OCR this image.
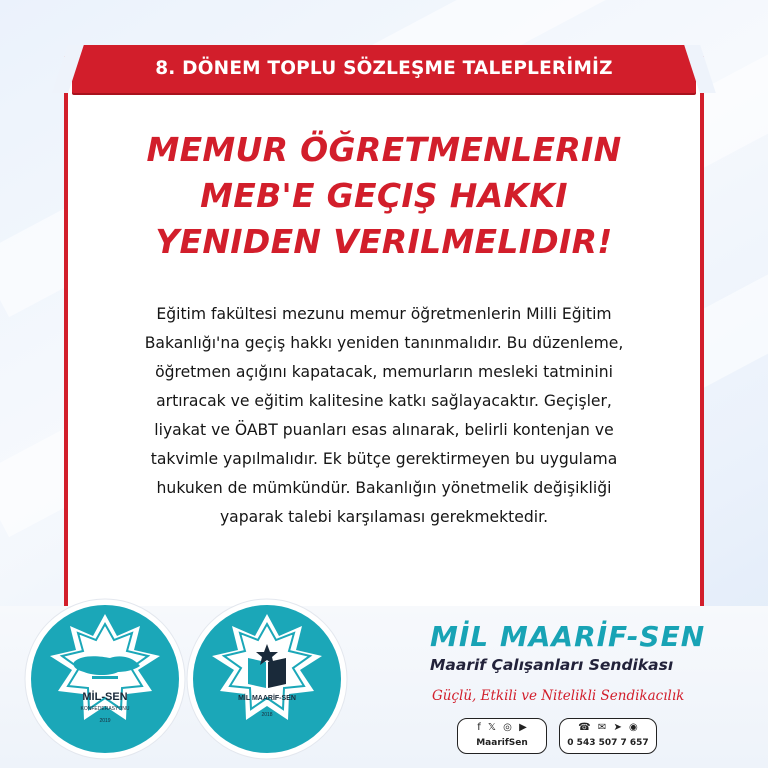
8. DÖNEM TOPLU SÖZLEŞME TALEPLERİMİZ
MEMUR ÖĞRETMENLERIN
MEB'E GEÇIŞ HAKKI
YENIDEN VERILMELIDIR!
Eğitim fakültesi mezunu memur öğretmenlerin Milli Eğitim
Bakanlığı'na geçiş hakkı yeniden tanınmalıdır. Bu düzenleme,
öğretmen açığını kapatacak, memurların mesleki tatminini
artıracak ve eğitim kalitesine katkı sağlayacaktır. Geçişler,
liyakat ve ÖABT puanları esas alınarak, belirli kontenjan ve
takvimle yapılmalıdır. Ek bütçe gerektirmeyen bu uygulama
hukuken de mümkündür. Bakanlığın yönetmelik değişikliği
yaparak talebi karşılaması gerekmektedir.
MİL-SEN
KONFEDERASYONU
2019
MİL MAARİF-SEN
2018
MİL MAARİF-SEN
Maarif Çalışanları Sendikası
Güçlü, Etkili ve Nitelikli Sendikacılık
f 𝕏 ◎ ▶
MaarifSen
☎ ✉ ➤ ◉
0 543 507 7 657
